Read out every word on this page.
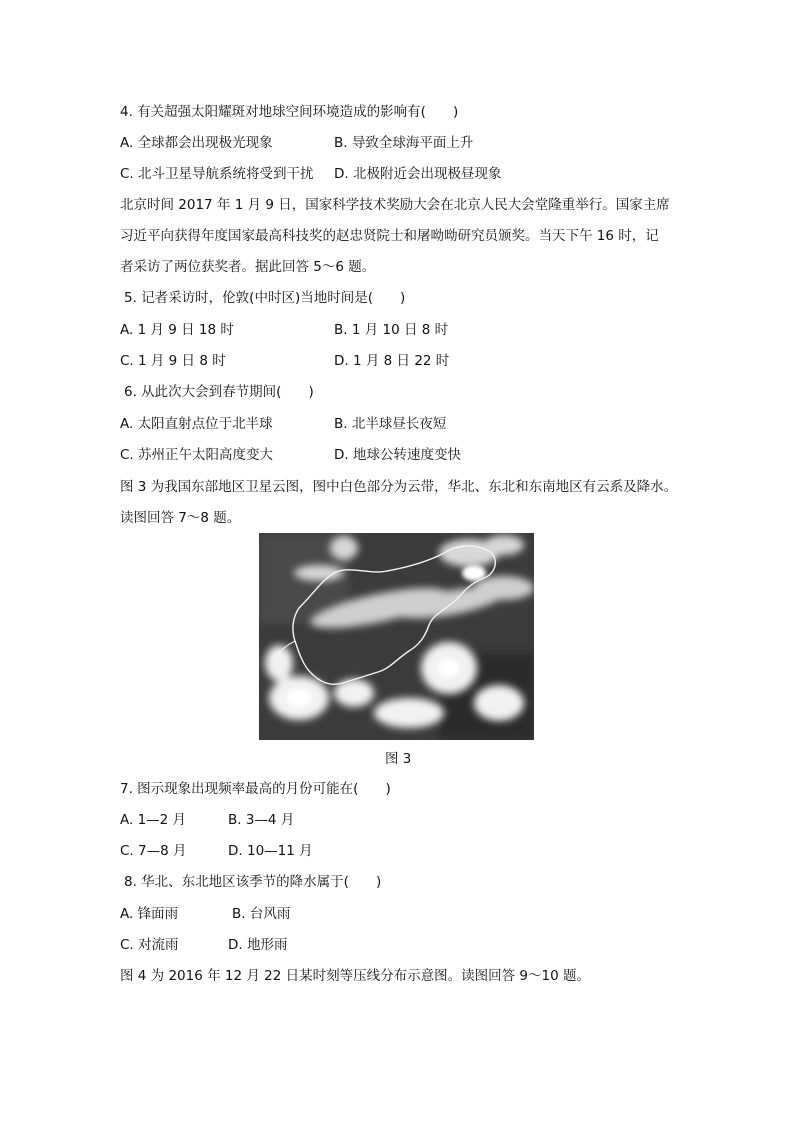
4. 有关超强太阳耀斑对地球空间环境造成的影响有(　　)
A. 全球都会出现极光现象	B. 导致全球海平面上升
C. 北斗卫星导航系统将受到干扰 D. 北极附近会出现极昼现象
北京时间 2017 年 1 月 9 日，国家科学技术奖励大会在北京人民大会堂隆重举行。国家主席
习近平向获得年度国家最高科技奖的赵忠贤院士和屠呦呦研究员颁奖。当天下午 16 时，记
者采访了两位获奖者。据此回答 5～6 题。
5. 记者采访时，伦敦(中时区)当地时间是(　　)
A. 1 月 9 日 18 时	B. 1 月 10 日 8 时
C. 1 月 9 日 8 时	D. 1 月 8 日 22 时
6. 从此次大会到春节期间(　　)
A. 太阳直射点位于北半球	B. 北半球昼长夜短
C. 苏州正午太阳高度变大	D. 地球公转速度变快
图 3 为我国东部地区卫星云图，图中白色部分为云带，华北、东北和东南地区有云系及降水。
读图回答 7～8 题。
图 3
7. 图示现象出现频率最高的月份可能在(　　)
A. 1—2 月	B. 3—4 月
C. 7—8 月	D. 10—11 月
8. 华北、东北地区该季节的降水属于(　　)
A. 锋面雨	B. 台风雨
C. 对流雨	D. 地形雨
图 4 为 2016 年 12 月 22 日某时刻等压线分布示意图。读图回答 9～10 题。
